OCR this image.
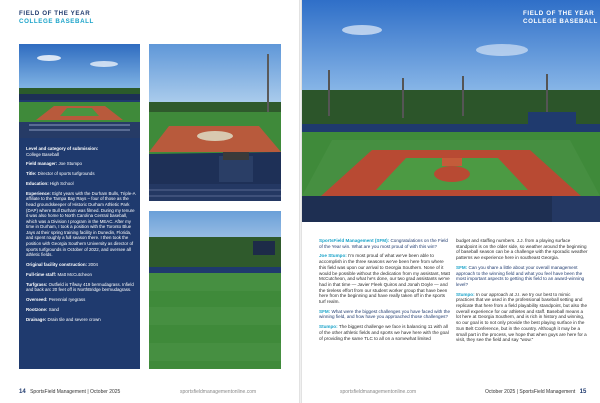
FIELD OF THE YEAR
COLLEGE BASEBALL

Level and category of submission:
College Baseball

Field manager: Joe Stumpo

Title: Director of sports turfgrounds

Education: High School

Experience: Eight years with the Durham Bulls, Triple-A affiliate to the Tampa Bay Rays – four of those as the head groundskeeper of Historic Durham Athletic Park (DAP) where Bull Durham was filmed. During my tenure it was also home to North Carolina Central baseball, which was a Division I program in the MEAC. After my time in Durham, I took a position with the Toronto Blue Jays at their spring training facility in Dunedin, Florida, and spent roughly a full season there. I then took the position with Georgia Southern University as director of sports turfgrounds in October of 2022, and oversee all athletic fields.

Original facility construction: 2004

Full-time staff: Matt McCutcheon

Turfgrass: Outfield is Tifway 419 bermudagrass. Infield and back arc 20 feet off is NorthBridge bermudagrass.

Overseed: Perennial ryegrass

Rootzone: Sand

Drainage: Drain tile and severe crown

14 SportsField Management | October 2025	sportsfieldmanagementonline.com
FIELD OF THE YEAR
COLLEGE BASEBALL

SportsField Management (SFM): Congratulations on the Field of the Year win. What are you most proud of with this win?

Joe Stumpo: I'm most proud of what we've been able to accomplish in the three seasons we've been here from where this field was upon our arrival to Georgia Southern. None of it would be possible without the dedication from my assistant, Matt McCutcheon, and what he's done, our two grad assistants we've had in that time — Javier Fleek Quiros and Jonah Doyle — and the tireless effort from our student worker group that have been here from the beginning and have really taken off in the sports turf realm.

SFM: What were the biggest challenges you have faced with the winning field, and how have you approached those challenges?

Stumpo: The biggest challenge we face is balancing 11 with all of the other athletic fields and sports we have here with the goal of providing the same TLC to all on a somewhat limited

budget and staffing numbers. J.J. from a playing surface standpoint is on the older side, so weather around the beginning of baseball season can be a challenge with the sporadic weather patterns we experience here in southeast Georgia.

SFM: Can you share a little about your overall management approach to the winning field and what you feel have been the most important aspects to getting this field to an award-winning level?

Stumpo: In our approach at J.I. we try our best to mimic practices that we used in the professional baseball setting and replicate that here from a field playability standpoint, but also the overall experience for our athletes and staff. Baseball means a lot here at Georgia Southern, and is rich in history and winning, so our goal is to not only provide the best playing surface in the Sun Belt Conference, but in the country. Although it may be a small part in the process, we hope that when guys are here for a visit, they see the field and say "wow."

sportsfieldmanagementonline.com	October 2025 | SportsField Management 15
